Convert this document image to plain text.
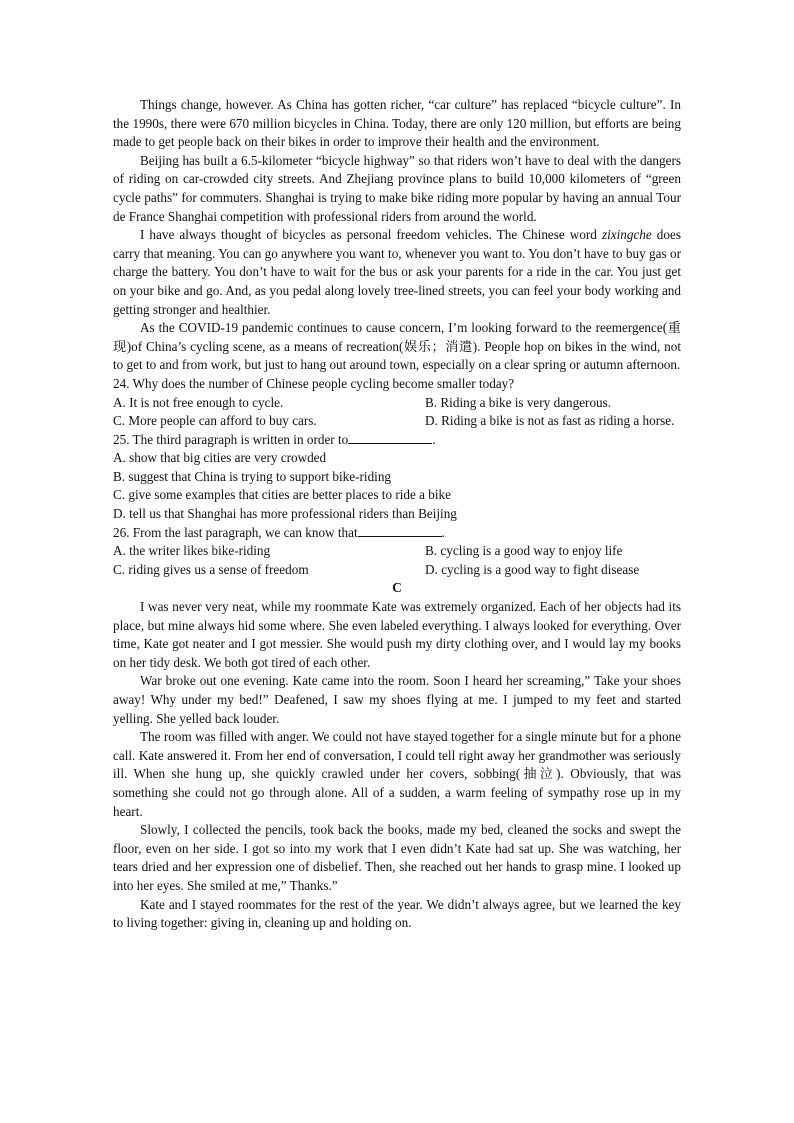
Things change, however. As China has gotten richer, “car culture” has replaced “bicycle culture”. In the 1990s, there were 670 million bicycles in China. Today, there are only 120 million, but efforts are being made to get people back on their bikes in order to improve their health and the environment.

Beijing has built a 6.5-kilometer “bicycle highway” so that riders won’t have to deal with the dangers of riding on car-crowded city streets. And Zhejiang province plans to build 10,000 kilometers of “green cycle paths” for commuters. Shanghai is trying to make bike riding more popular by having an annual Tour de France Shanghai competition with professional riders from around the world.

I have always thought of bicycles as personal freedom vehicles. The Chinese word zixingche does carry that meaning. You can go anywhere you want to, whenever you want to. You don’t have to buy gas or charge the battery. You don’t have to wait for the bus or ask your parents for a ride in the car. You just get on your bike and go. And, as you pedal along lovely tree-lined streets, you can feel your body working and getting stronger and healthier.

As the COVID-19 pandemic continues to cause concern, I’m looking forward to the reemergence(重现)of China’s cycling scene, as a means of recreation(娱乐；消遣). People hop on bikes in the wind, not to get to and from work, but just to hang out around town, especially on a clear spring or autumn afternoon.

24. Why does the number of Chinese people cycling become smaller today?

A. It is not free enough to cycle.	B. Riding a bike is very dangerous.

C. More people can afford to buy cars.	D. Riding a bike is not as fast as riding a horse.

25. The third paragraph is written in order to	.

A. show that big cities are very crowded

B. suggest that China is trying to support bike-riding

C. give some examples that cities are better places to ride a bike

D. tell us that Shanghai has more professional riders than Beijing

26. From the last paragraph, we can know that	.

A. the writer likes bike-riding	B. cycling is a good way to enjoy life

C. riding gives us a sense of freedom	D. cycling is a good way to fight disease

C

I was never very neat, while my roommate Kate was extremely organized. Each of her objects had its place, but mine always hid some where. She even labeled everything. I always looked for everything. Over time, Kate got neater and I got messier. She would push my dirty clothing over, and I would lay my books on her tidy desk. We both got tired of each other.

War broke out one evening. Kate came into the room. Soon I heard her screaming,” Take your shoes away! Why under my bed!” Deafened, I saw my shoes flying at me. I jumped to my feet and started yelling. She yelled back louder.

The room was filled with anger. We could not have stayed together for a single minute but for a phone call. Kate answered it. From her end of conversation, I could tell right away her grandmother was seriously ill. When she hung up, she quickly crawled under her covers, sobbing(抽泣). Obviously, that was something she could not go through alone. All of a sudden, a warm feeling of sympathy rose up in my heart.

Slowly, I collected the pencils, took back the books, made my bed, cleaned the socks and swept the floor, even on her side. I got so into my work that I even didn’t Kate had sat up. She was watching, her tears dried and her expression one of disbelief. Then, she reached out her hands to grasp mine. I looked up into her eyes. She smiled at me,” Thanks.”

Kate and I stayed roommates for the rest of the year. We didn’t always agree, but we learned the key to living together: giving in, cleaning up and holding on.
